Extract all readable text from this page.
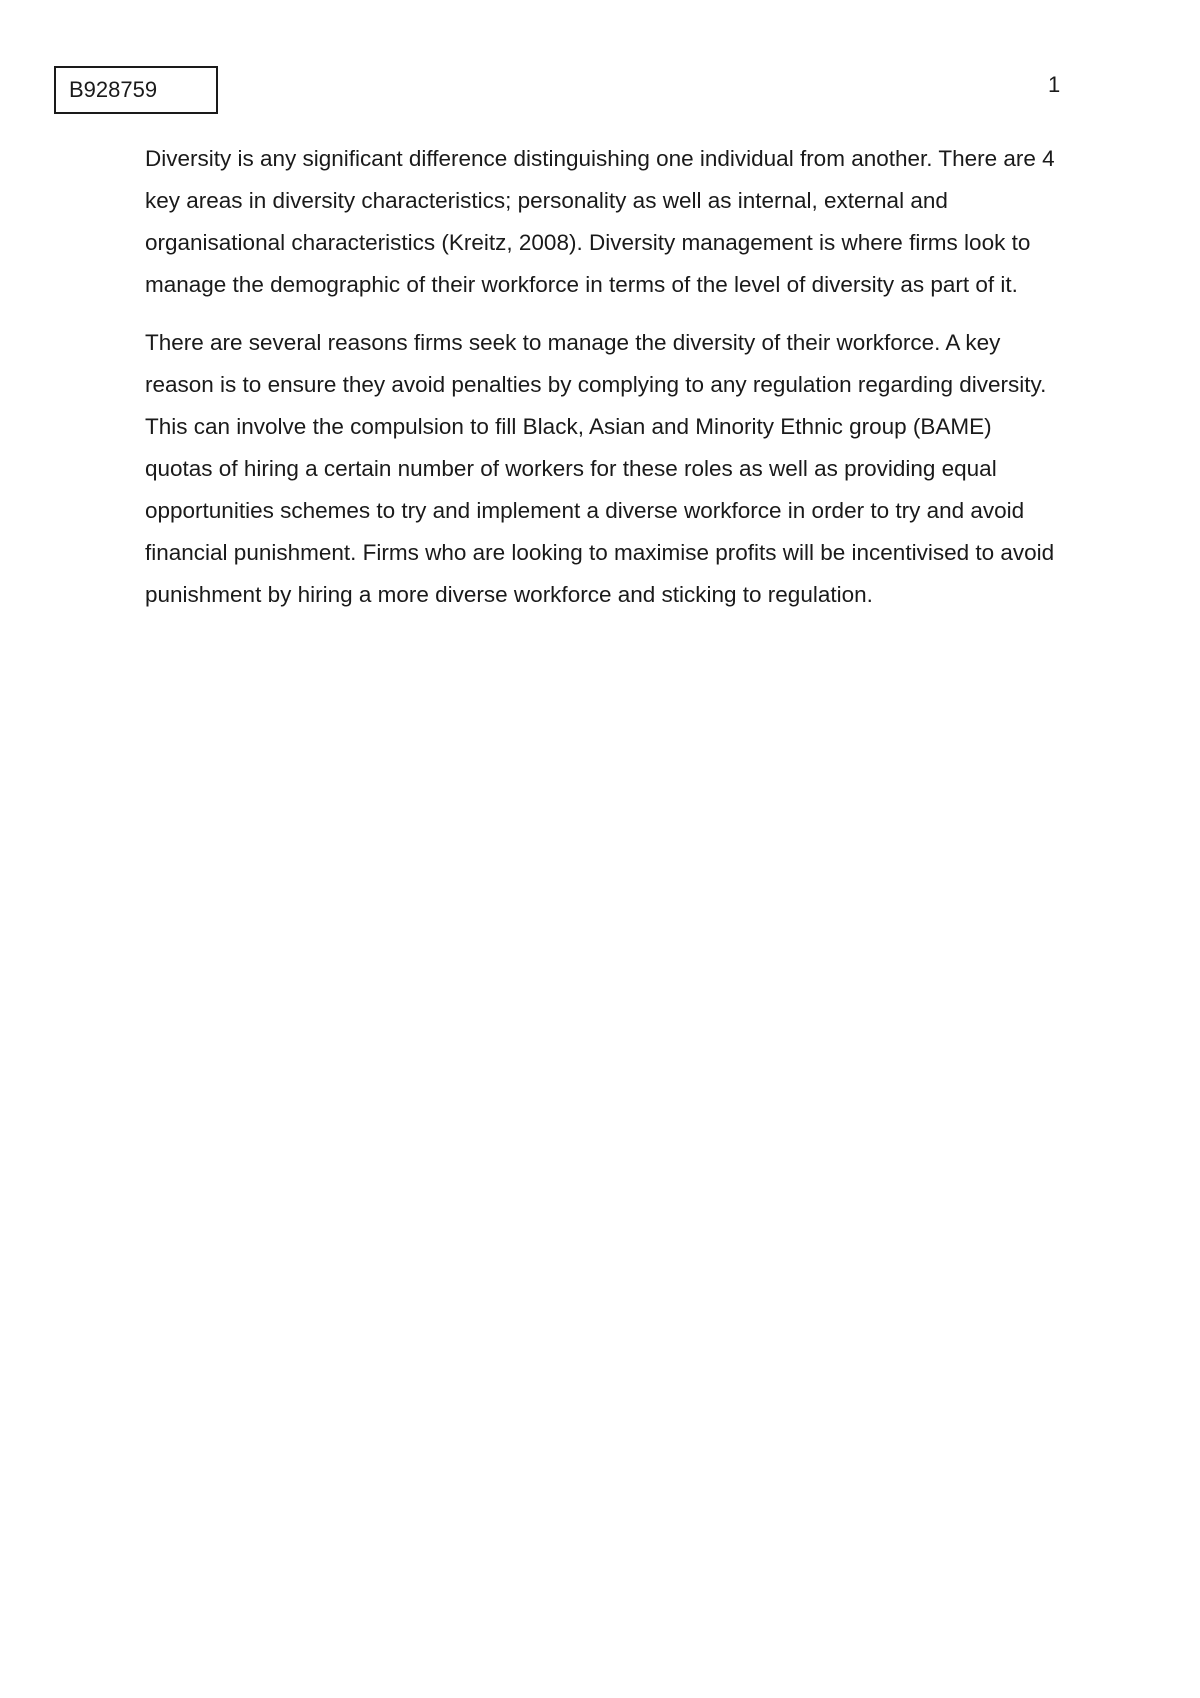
B928759	1

Diversity is any significant difference distinguishing one individual from another. There are 4 key areas in diversity characteristics; personality as well as internal, external and organisational characteristics (Kreitz, 2008). Diversity management is where firms look to manage the demographic of their workforce in terms of the level of diversity as part of it.

There are several reasons firms seek to manage the diversity of their workforce. A key reason is to ensure they avoid penalties by complying to any regulation regarding diversity. This can involve the compulsion to fill Black, Asian and Minority Ethnic group (BAME) quotas of hiring a certain number of workers for these roles as well as providing equal opportunities schemes to try and implement a diverse workforce in order to try and avoid financial punishment. Firms who are looking to maximise profits will be incentivised to avoid punishment by hiring a more diverse workforce and sticking to regulation.
